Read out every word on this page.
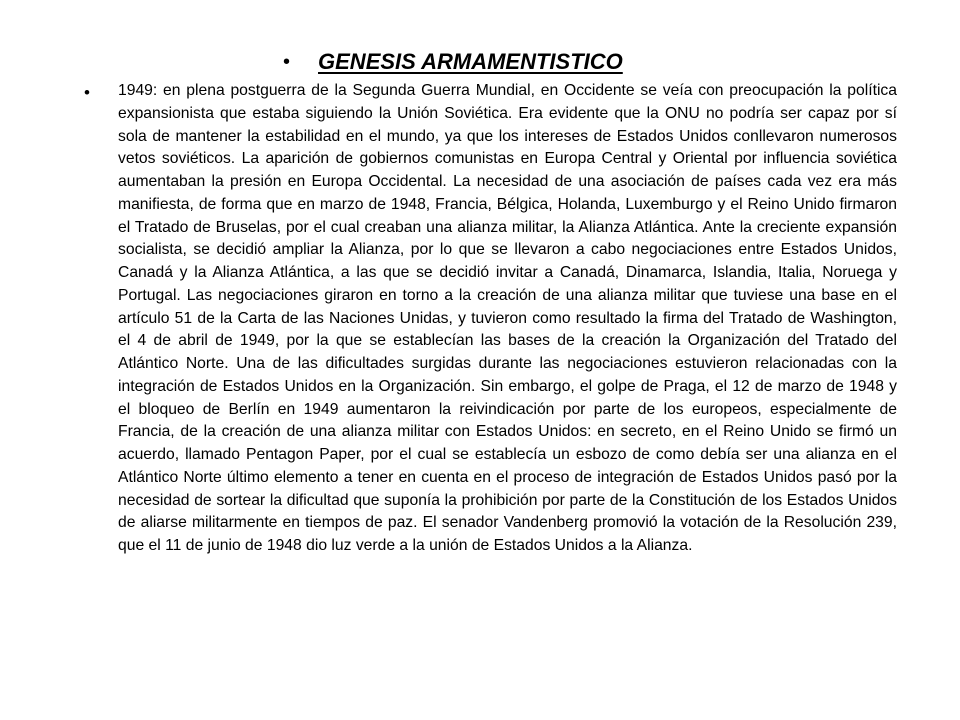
• GENESIS ARMAMENTISTICO
• 1949: en plena postguerra de la Segunda Guerra Mundial, en Occidente se veía con preocupación la política expansionista que estaba siguiendo la Unión Soviética. Era evidente que la ONU no podría ser capaz por sí sola de mantener la estabilidad en el mundo, ya que los intereses de Estados Unidos conllevaron numerosos vetos soviéticos. La aparición de gobiernos comunistas en Europa Central y Oriental por influencia soviética aumentaban la presión en Europa Occidental. La necesidad de una asociación de países cada vez era más manifiesta, de forma que en marzo de 1948, Francia, Bélgica, Holanda, Luxemburgo y el Reino Unido firmaron el Tratado de Bruselas, por el cual creaban una alianza militar, la Alianza Atlántica. Ante la creciente expansión socialista, se decidió ampliar la Alianza, por lo que se llevaron a cabo negociaciones entre Estados Unidos, Canadá y la Alianza Atlántica, a las que se decidió invitar a Canadá, Dinamarca, Islandia, Italia, Noruega y Portugal. Las negociaciones giraron en torno a la creación de una alianza militar que tuviese una base en el artículo 51 de la Carta de las Naciones Unidas, y tuvieron como resultado la firma del Tratado de Washington, el 4 de abril de 1949, por la que se establecían las bases de la creación la Organización del Tratado del Atlántico Norte. Una de las dificultades surgidas durante las negociaciones estuvieron relacionadas con la integración de Estados Unidos en la Organización. Sin embargo, el golpe de Praga, el 12 de marzo de 1948 y el bloqueo de Berlín en 1949 aumentaron la reivindicación por parte de los europeos, especialmente de Francia, de la creación de una alianza militar con Estados Unidos: en secreto, en el Reino Unido se firmó un acuerdo, llamado Pentagon Paper, por el cual se establecía un esbozo de como debía ser una alianza en el Atlántico Norte último elemento a tener en cuenta en el proceso de integración de Estados Unidos pasó por la necesidad de sortear la dificultad que suponía la prohibición por parte de la Constitución de los Estados Unidos de aliarse militarmente en tiempos de paz. El senador Vandenberg promovió la votación de la Resolución 239, que el 11 de junio de 1948 dio luz verde a la unión de Estados Unidos a la Alianza.
